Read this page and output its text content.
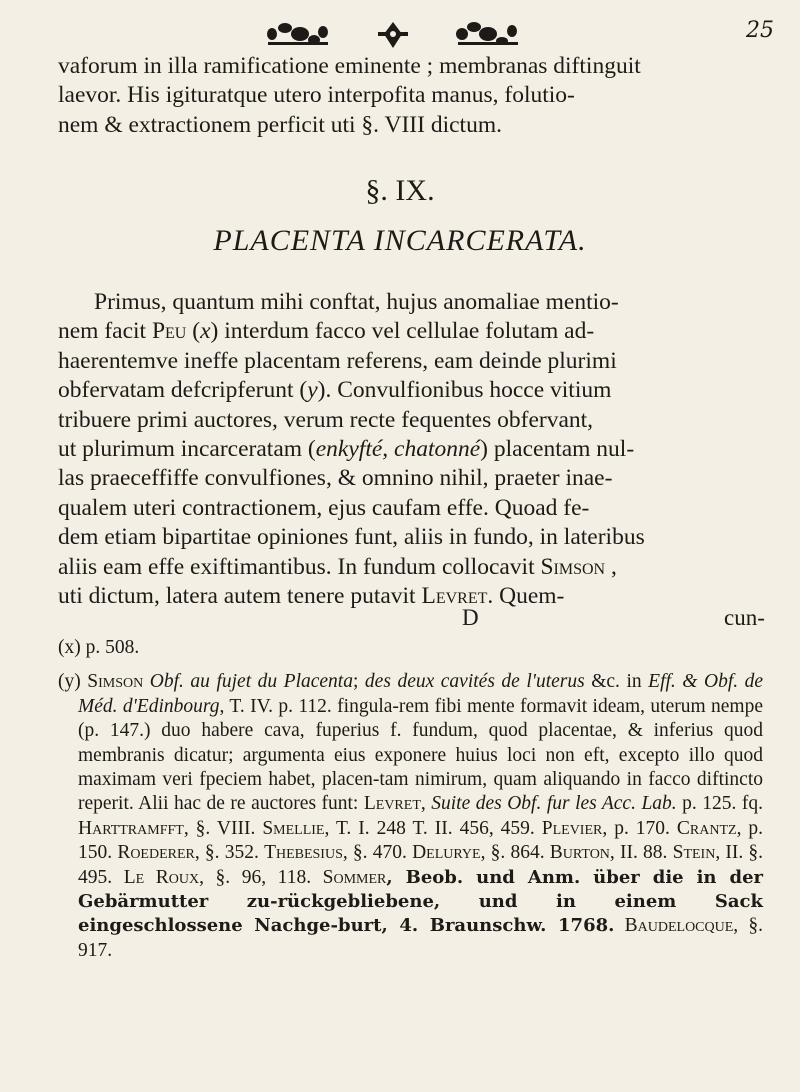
25

vaforum in illa ramificatione eminente ; membranas diftinguit

laevor. His igituratque utero interpofita manus, folutio-

nem & extractionem perficit uti §. VIII dictum.

§. IX.
PLACENTA INCARCERATA.
Primus, quantum mihi conftat, hujus anomaliae mentio-
nem facit Peu (x) interdum facco vel cellulae folutam ad-
haerentemve ineffe placentam referens, eam deinde plurimi
obfervatam defcripferunt (y). Convulfionibus hocce vitium
tribuere primi auctores, verum recte fequentes obfervant,
ut plurimum incarceratam (enkyfté, chatonné) placentam nul-
las praeceffiffe convulfiones, & omnino nihil, praeter inae-
qualem uteri contractionem, ejus caufam effe. Quoad fe-
dem etiam bipartitae opiniones funt, aliis in fundo, in lateribus
aliis eam effe exiftimantibus. In fundum collocavit Simson ,
uti dictum, latera autem tenere putavit Levret. Quem-
D	cun-

(x) p. 508.

(y) Simson Obf. au fujet du Placenta; des deux cavités de l'uterus &c. in Eff. & Obf. de Méd. d'Edinbourg, T. IV. p. 112. fingula-rem fibi mente formavit ideam, uterum nempe (p. 147.) duo habere cava, fuperius f. fundum, quod placentae, & inferius quod membranis dicatur; argumenta eius exponere huius loci non eft, excepto illo quod maximam veri fpeciem habet, placen-tam nimirum, quam aliquando in facco diftincto reperit. Alii hac de re auctores funt: Levret, Suite des Obf. fur les Acc. Lab. p. 125. fq. Harttramfft, §. VIII. Smellie, T. I. 248 T. II. 456, 459. Plevier, p. 170. Crantz, p. 150. Roederer, §. 352. Thebesius, §. 470. Delurye, §. 864. Burton, II. 88. Stein, II. §. 495. Le Roux, §. 96, 118. Sommer, Beob. und Anm. über die in der Gebärmutter zu-rückgebliebene, und in einem Sack eingeschlossene Nachge-burt, 4. Braunschw. 1768. Baudelocque, §. 917.
